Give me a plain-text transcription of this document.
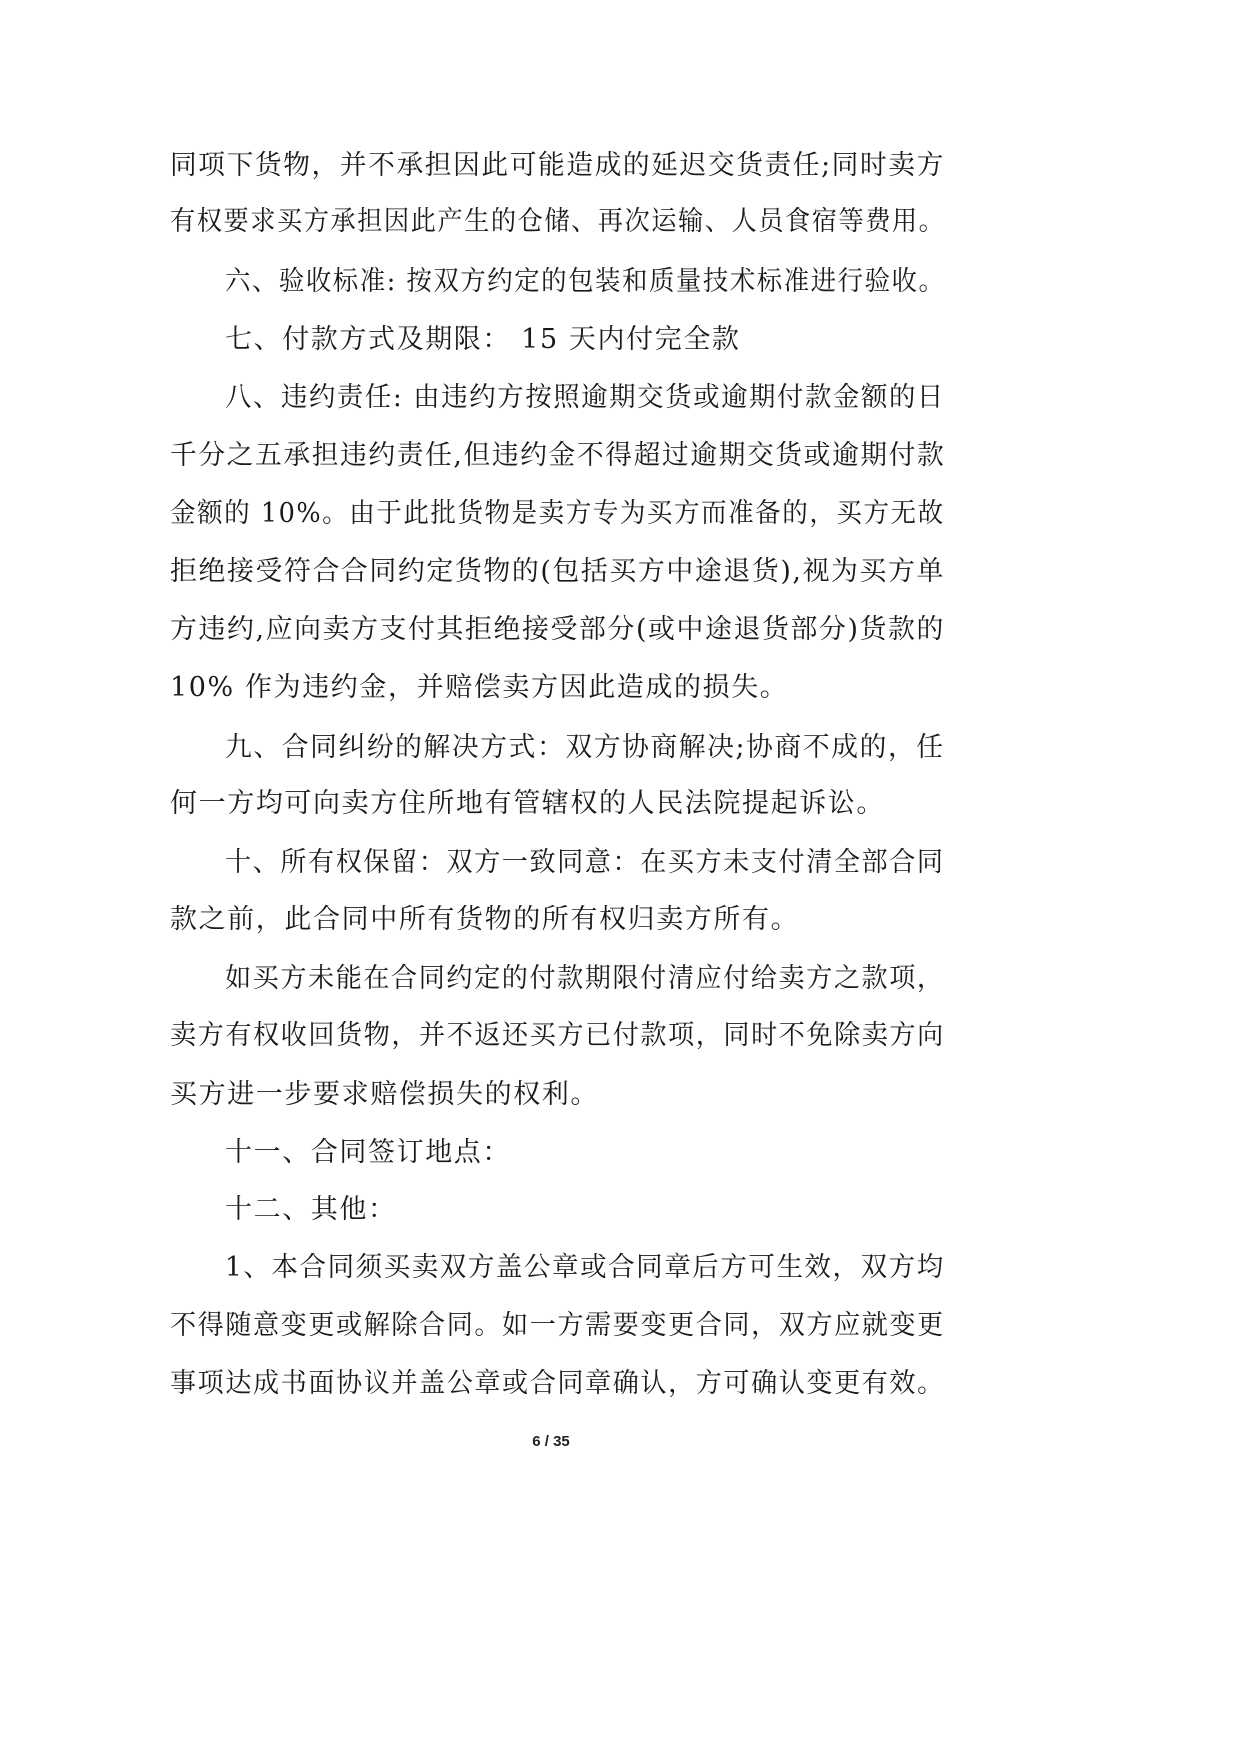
同项下货物，并不承担因此可能造成的延迟交货责任;同时卖方
有权要求买方承担因此产生的仓储、再次运输、人员食宿等费用。
六、验收标准: 按双方约定的包装和质量技术标准进行验收。
七、付款方式及期限： 15 天内付完全款
八、违约责任: 由违约方按照逾期交货或逾期付款金额的日
千分之五承担违约责任,但违约金不得超过逾期交货或逾期付款
金额的 10%。由于此批货物是卖方专为买方而准备的，买方无故
拒绝接受符合合同约定货物的(包括买方中途退货),视为买方单
方违约,应向卖方支付其拒绝接受部分(或中途退货部分)货款的
10% 作为违约金，并赔偿卖方因此造成的损失。
九、合同纠纷的解决方式：双方协商解决;协商不成的，任
何一方均可向卖方住所地有管辖权的人民法院提起诉讼。
十、所有权保留：双方一致同意：在买方未支付清全部合同
款之前，此合同中所有货物的所有权归卖方所有。
如买方未能在合同约定的付款期限付清应付给卖方之款项，
卖方有权收回货物，并不返还买方已付款项，同时不免除卖方向
买方进一步要求赔偿损失的权利。
十一、合同签订地点：
十二、其他：
1、本合同须买卖双方盖公章或合同章后方可生效，双方均
不得随意变更或解除合同。如一方需要变更合同，双方应就变更
事项达成书面协议并盖公章或合同章确认，方可确认变更有效。
6 / 35
